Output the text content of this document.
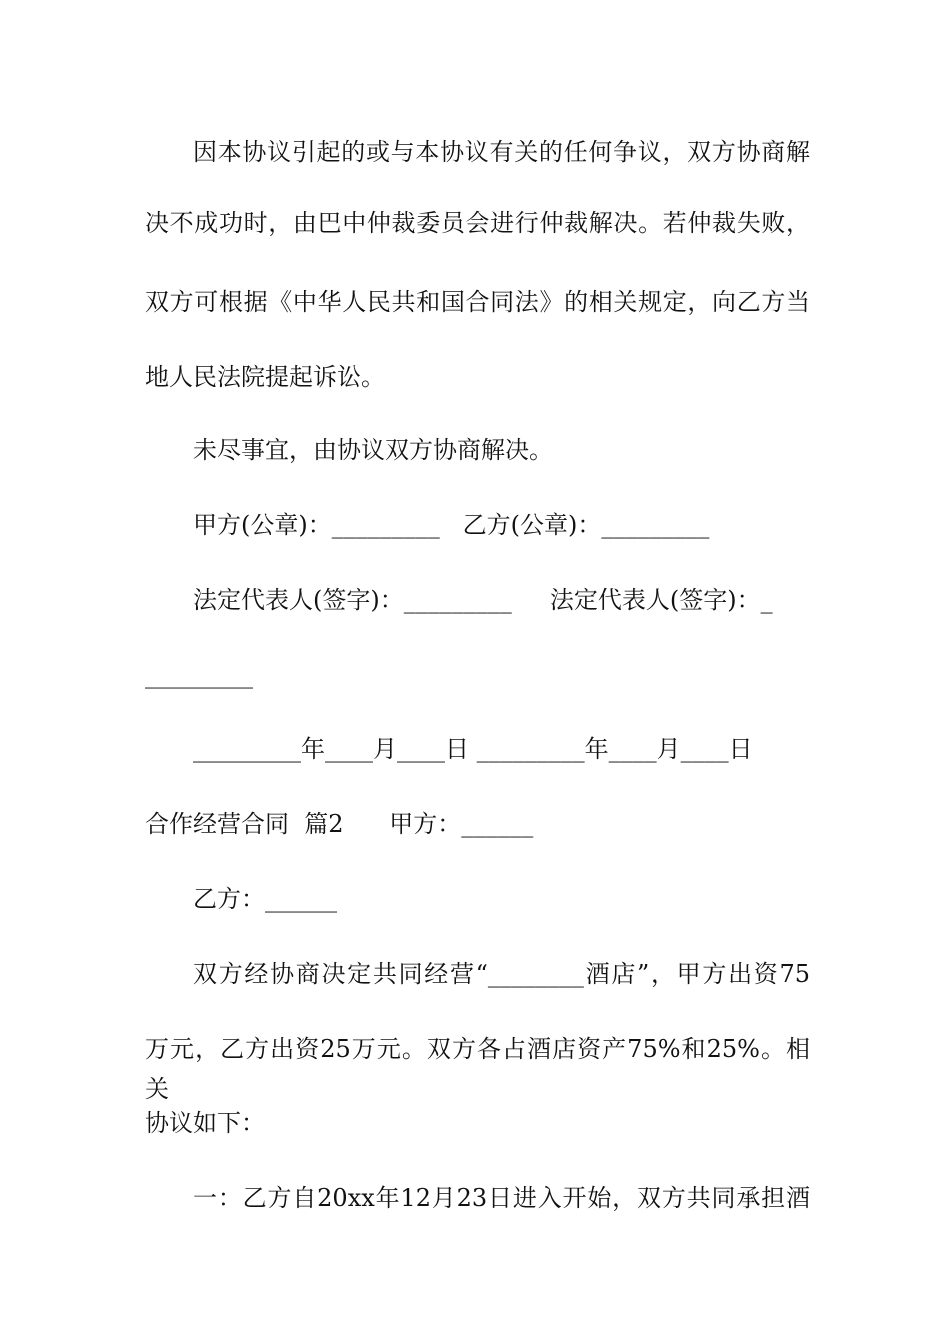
因本协议引起的或与本协议有关的任何争议，双方协商解
决不成功时，由巴中仲裁委员会进行仲裁解决。若仲裁失败，
双方可根据《中华人民共和国合同法》的相关规定，向乙方当
地人民法院提起诉讼。
未尽事宜，由协议双方协商解决。
甲方(公章)：_________   乙方(公章)：_________
法定代表人(签字)：_________     法定代表人(签字)：_
_________
_________年____月____日 _________年____月____日
合作经营合同  篇2      甲方：______
乙方：______
双方经协商决定共同经营“________酒店”，甲方出资75
万元，乙方出资25万元。双方各占酒店资产75%和25%。相关
协议如下：
一：乙方自20xx年12月23日进入开始，双方共同承担酒
